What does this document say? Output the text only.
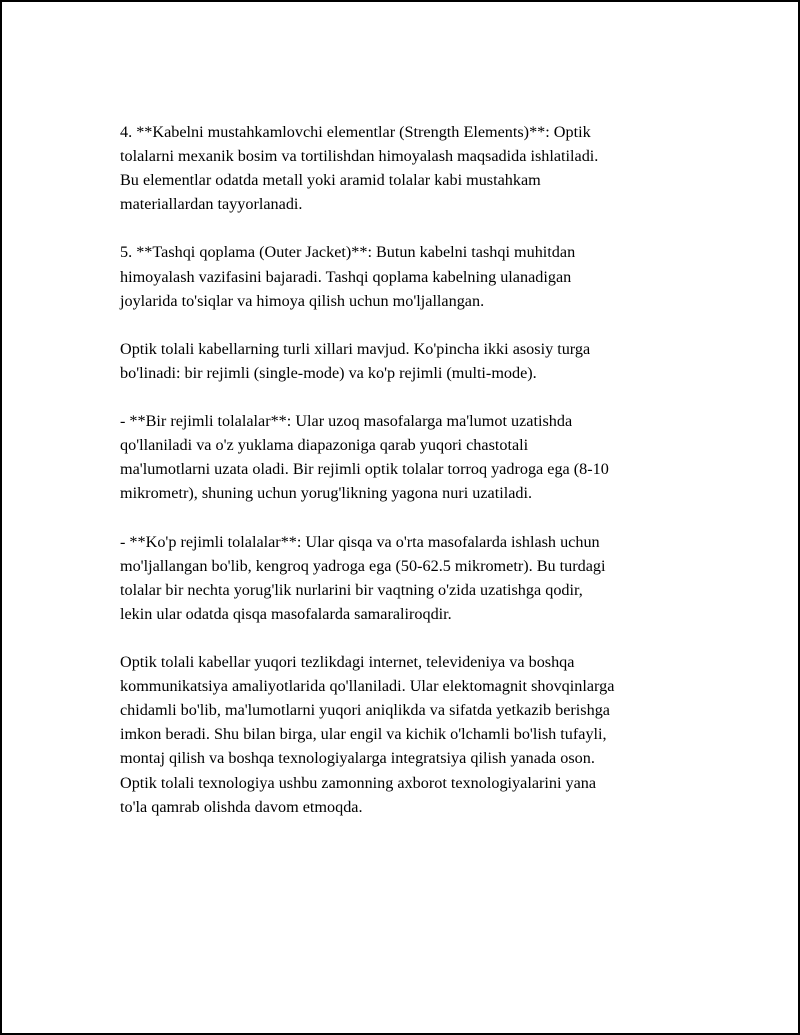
4. **Kabelni mustahkamlovchi elementlar (Strength Elements)**: Optik
tolalarni mexanik bosim va tortilishdan himoyalash maqsadida ishlatiladi.
Bu elementlar odatda metall yoki aramid tolalar kabi mustahkam
materiallardan tayyorlanadi.

5. **Tashqi qoplama (Outer Jacket)**: Butun kabelni tashqi muhitdan
himoyalash vazifasini bajaradi. Tashqi qoplama kabelning ulanadigan
joylarida to'siqlar va himoya qilish uchun mo'ljallangan.

Optik tolali kabellarning turli xillari mavjud. Ko'pincha ikki asosiy turga
bo'linadi: bir rejimli (single-mode) va ko'p rejimli (multi-mode).

- **Bir rejimli tolalalar**: Ular uzoq masofalarga ma'lumot uzatishda
qo'llaniladi va o'z yuklama diapazoniga qarab yuqori chastotali
ma'lumotlarni uzata oladi. Bir rejimli optik tolalar torroq yadroga ega (8-10
mikrometr), shuning uchun yorug'likning yagona nuri uzatiladi.

- **Ko'p rejimli tolalalar**: Ular qisqa va o'rta masofalarda ishlash uchun
mo'ljallangan bo'lib, kengroq yadroga ega (50-62.5 mikrometr). Bu turdagi
tolalar bir nechta yorug'lik nurlarini bir vaqtning o'zida uzatishga qodir,
lekin ular odatda qisqa masofalarda samaraliroqdir.

Optik tolali kabellar yuqori tezlikdagi internet, televideniya va boshqa
kommunikatsiya amaliyotlarida qo'llaniladi. Ular elektomagnit shovqinlarga
chidamli bo'lib, ma'lumotlarni yuqori aniqlikda va sifatda yetkazib berishga
imkon beradi. Shu bilan birga, ular engil va kichik o'lchamli bo'lish tufayli,
montaj qilish va boshqa texnologiyalarga integratsiya qilish yanada oson.
Optik tolali texnologiya ushbu zamonning axborot texnologiyalarini yana
to'la qamrab olishda davom etmoqda.
